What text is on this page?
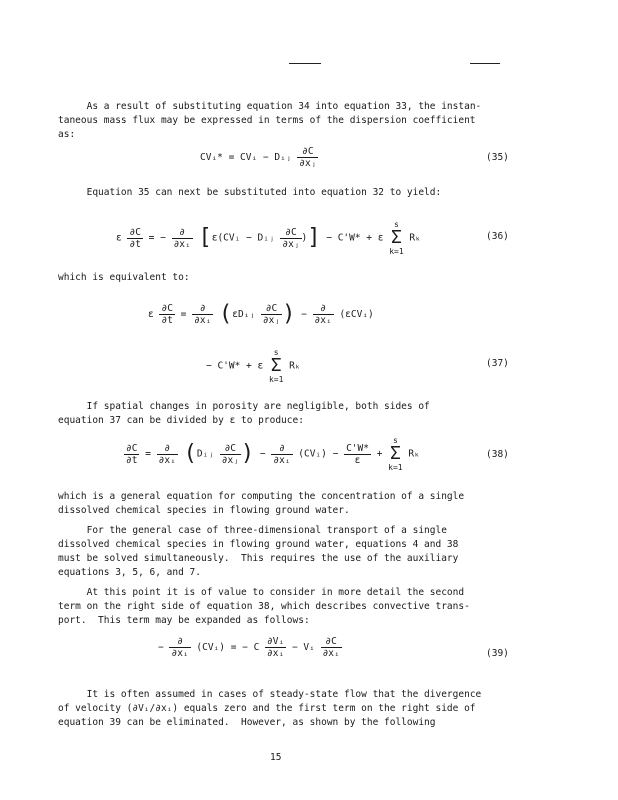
As a result of substituting equation 34 into equation 33, the instan-
taneous mass flux may be expressed in terms of the dispersion coefficient
as:
CVᵢ* = CVᵢ − Dᵢⱼ $\frac{\partial C}{\text{∂xⱼ}}$	(35)
Equation 35 can next be substituted into equation 32 to yield:
ε $\frac{\partial C}{\partial t}$ = − $\frac{\partial}{\text{∂xᵢ}}$ [ε(CVᵢ − Dᵢⱼ $\frac{\partial C}{\text{∂xⱼ}}$ )] − C'W* + ε s
Σ
k=1 Rₖ	(36)
which is equivalent to:
ε $\frac{\partial C}{\partial t} = \frac{\partial}{\text{∂xᵢ}}$ (εDᵢⱼ $\frac{\partial C}{\text{∂xⱼ}}$ ) − $\frac{\partial}{\text{∂xᵢ}}$ (εCVᵢ)
− C'W* + ε s
Σ
k=1 Rₖ	(37)
If spatial changes in porosity are negligible, both sides of
equation 37 can be divided by ε to produce:
$\frac{\partial C}{\partial t} = \frac{\partial}{\text{∂xᵢ}}$ (Dᵢⱼ $\frac{\partial C}{\text{∂xⱼ}}$ ) − $\frac{\partial}{\text{∂xᵢ}}$ (CVᵢ) − $\frac{C'W*}{\varepsilon} + s$
Σ
k=1 Rₖ	(38)
which is a general equation for computing the concentration of a single
dissolved chemical species in flowing ground water.
For the general case of three-dimensional transport of a single
dissolved chemical species in flowing ground water, equations 4 and 38
must be solved simultaneously.  This requires the use of the auxiliary
equations 3, 5, 6, and 7.
At this point it is of value to consider in more detail the second
term on the right side of equation 38, which describes convective trans-
port.  This term may be expanded as follows:
− $\frac{\partial}{\text{∂xᵢ}}$ (CVᵢ) = − C $\frac{\text{∂Vᵢ}}{\text{∂xᵢ}}$ − Vᵢ $\frac{\partial C}{\text{∂xᵢ}}$	(39)
It is often assumed in cases of steady-state flow that the divergence
of velocity (∂Vᵢ/∂xᵢ) equals zero and the first term on the right side of
equation 39 can be eliminated.  However, as shown by the following
15
